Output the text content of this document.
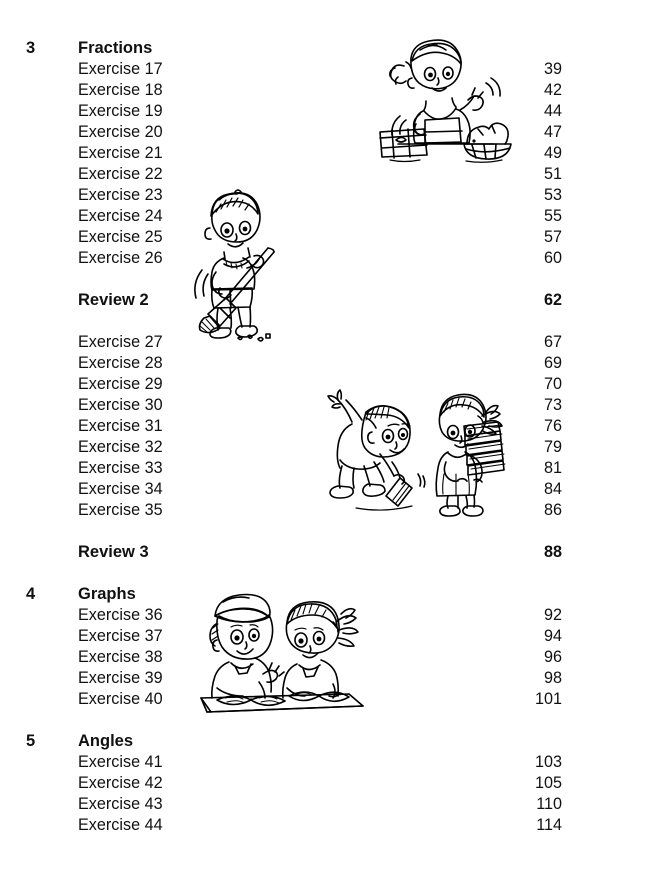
3	Fractions
Exercise 17	39
Exercise 18	42
Exercise 19	44
Exercise 20	47
Exercise 21	49
Exercise 22	51
Exercise 23	53
Exercise 24	55
Exercise 25	57
Exercise 26	60
Review 2	62
Exercise 27	67
Exercise 28	69
Exercise 29	70
Exercise 30	73
Exercise 31	76
Exercise 32	79
Exercise 33	81
Exercise 34	84
Exercise 35	86
Review 3	88
4	Graphs
Exercise 36	92
Exercise 37	94
Exercise 38	96
Exercise 39	98
Exercise 40	101
5	Angles
Exercise 41	103
Exercise 42	105
Exercise 43	110
Exercise 44	114
